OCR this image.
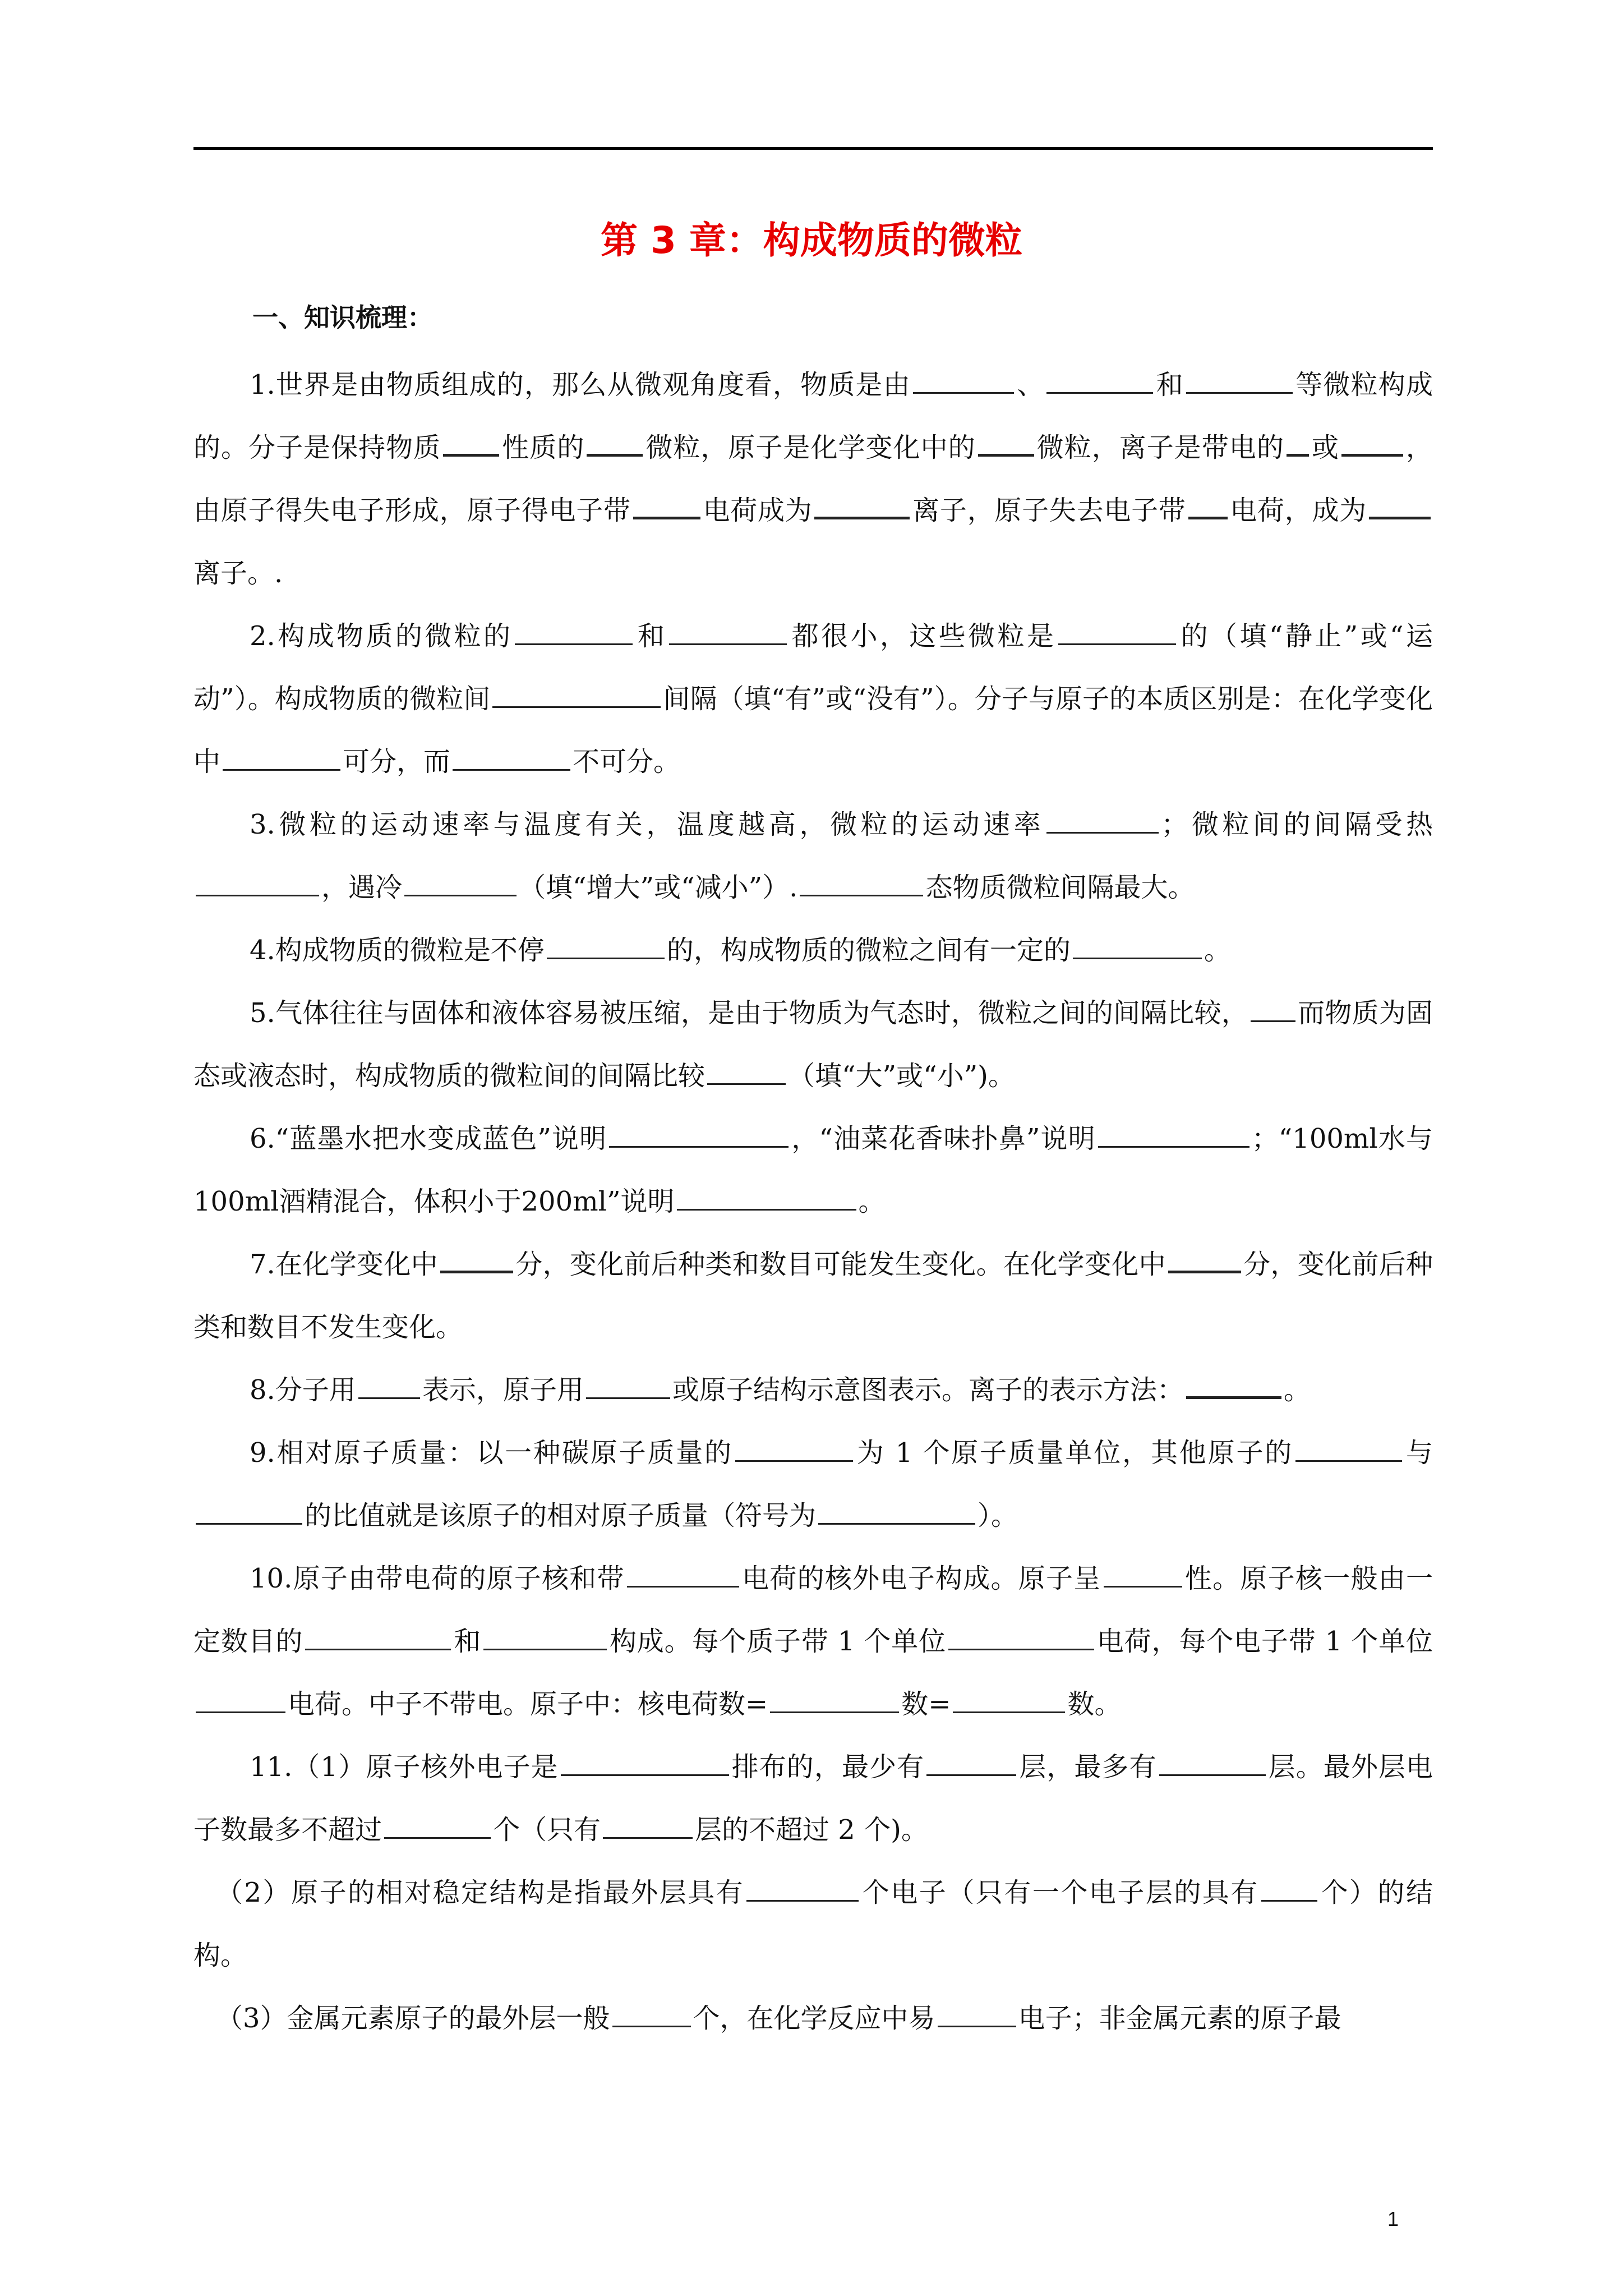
第 3 章：构成物质的微粒
一、知识梳理：

1.世界是由物质组成的，那么从微观角度看，物质是由	、	和	等微粒构成的。分子是保持物质 性质的 微粒，原子是化学变化中的 微粒，离子是带电的 或 ，由原子得失电子形成，原子得电子带	电荷成为	离子，原子失去电子带 电荷，成为离子。.

2.构成物质的微粒的	和	都很小，这些微粒是	的（填“静止”或“运动”）。构成物质的微粒间	间隔（填“有”或“没有”）。分子与原子的本质区别是：在化学变化中	可分，而	不可分。

3.微粒的运动速率与温度有关，温度越高，微粒的运动速率	；微粒间的间隔受热，遇冷	（填“增大”或“减小”）.	态物质微粒间隔最大。

4.构成物质的微粒是不停	的，构成物质的微粒之间有一定的	。

5.气体往往与固体和液体容易被压缩，是由于物质为气态时，微粒之间的间隔比较， 而物质为固态或液态时，构成物质的微粒间的间隔比较	（填“大”或“小”)。

6.“蓝墨水把水变成蓝色”说明	，“油菜花香味扑鼻”说明	；“100ml水与100ml酒精混合，体积小于200ml”说明	。

7.在化学变化中	分，变化前后种类和数目可能发生变化。在化学变化中	分，变化前后种类和数目不发生变化。

8.分子用 表示，原子用	或原子结构示意图表示。离子的表示方法：	。

9.相对原子质量：以一种碳原子质量的	为 1 个原子质量单位，其他原子的	与的比值就是该原子的相对原子质量（符号为	）。

10.原子由带电荷的原子核和带	电荷的核外电子构成。原子呈	性。原子核一般由一定数目的	和	构成。每个质子带 1 个单位	电荷，每个电子带 1 个单位电荷。中子不带电。原子中：核电荷数=	数=	数。

11.（1）原子核外电子是	排布的，最少有	层，最多有	层。最外层电子数最多不超过	个（只有	层的不超过 2 个)。

（2）原子的相对稳定结构是指最外层具有	个电子（只有一个电子层的具有 个）的结构。

（3）金属元素原子的最外层一般	个，在化学反应中易	电子；非金属元素的原子最

1
